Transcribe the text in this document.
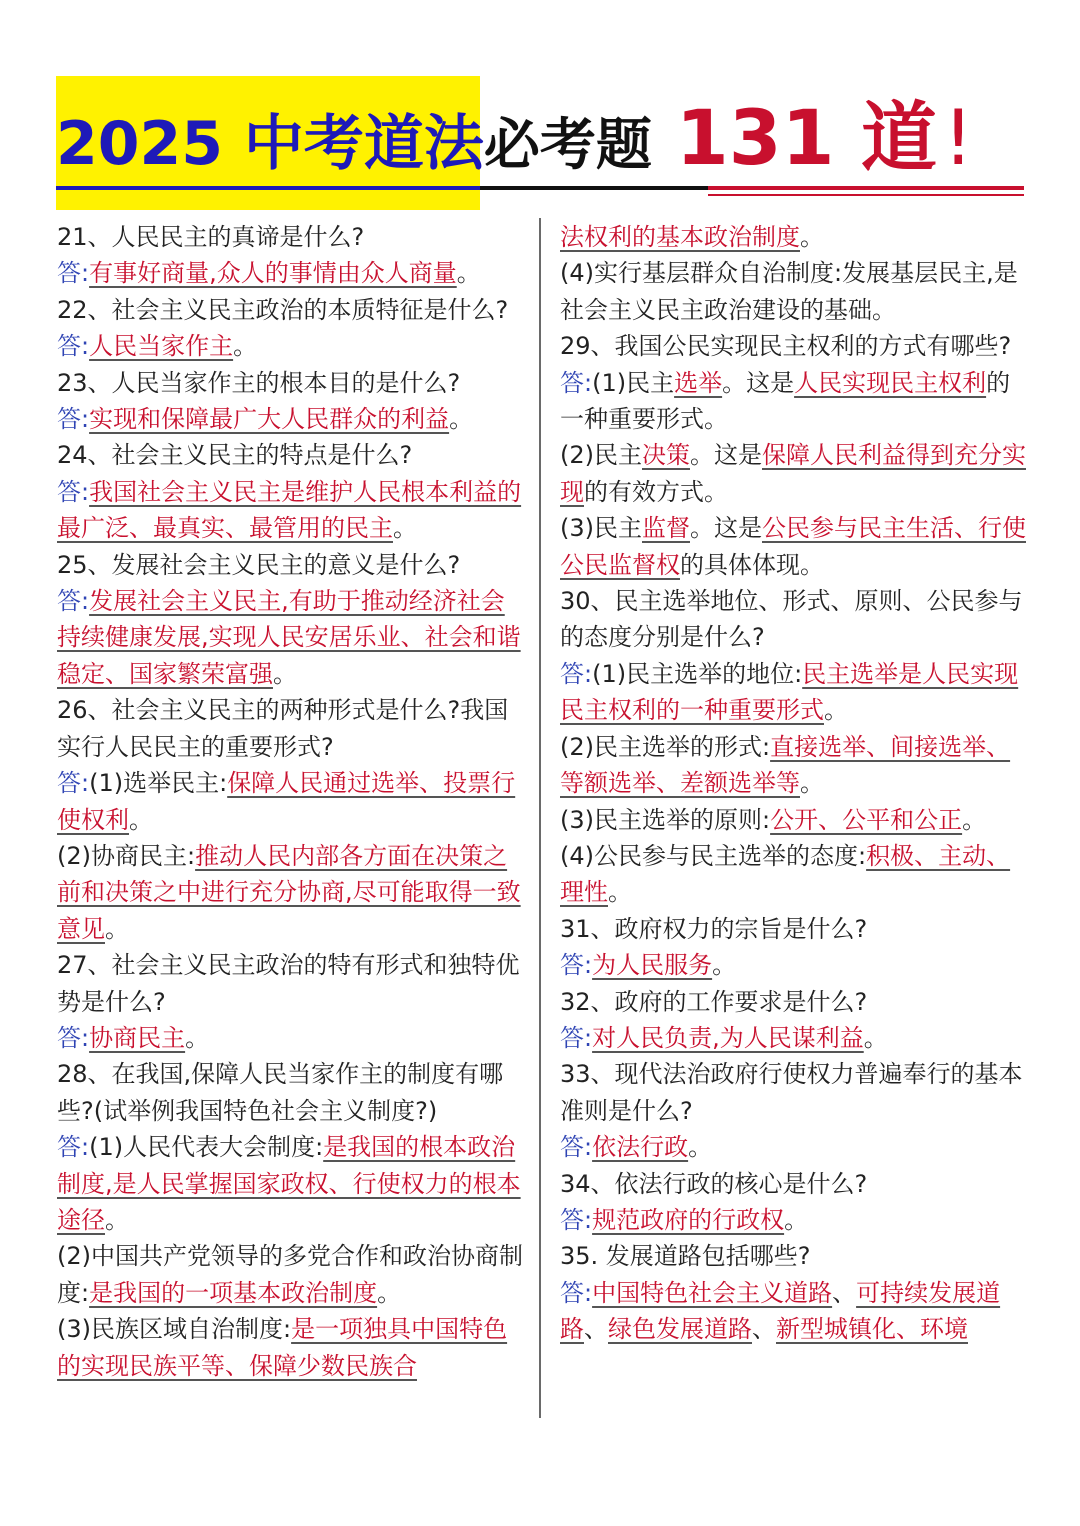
2025 中考道法必考题 131 道!

21、人民民主的真谛是什么?

答:有事好商量,众人的事情由众人商量。

22、社会主义民主政治的本质特征是什么?

答:人民当家作主。

23、人民当家作主的根本目的是什么?

答:实现和保障最广大人民群众的利益。

24、社会主义民主的特点是什么?

答:我国社会主义民主是维护人民根本利益的最广泛、最真实、最管用的民主。

25、发展社会主义民主的意义是什么?

答:发展社会主义民主,有助于推动经济社会持续健康发展,实现人民安居乐业、社会和谐稳定、国家繁荣富强。

26、社会主义民主的两种形式是什么?我国实行人民民主的重要形式?

答:(1)选举民主:保障人民通过选举、投票行使权利。

(2)协商民主:推动人民内部各方面在决策之前和决策之中进行充分协商,尽可能取得一致意见。

27、社会主义民主政治的特有形式和独特优势是什么?

答:协商民主。

28、在我国,保障人民当家作主的制度有哪些?(试举例我国特色社会主义制度?)

答:(1)人民代表大会制度:是我国的根本政治制度,是人民掌握国家政权、行使权力的根本途径。

(2)中国共产党领导的多党合作和政治协商制度:是我国的一项基本政治制度。

(3)民族区域自治制度:是一项独具中国特色的实现民族平等、保障少数民族合

法权利的基本政治制度。

(4)实行基层群众自治制度:发展基层民主,是社会主义民主政治建设的基础。

29、我国公民实现民主权利的方式有哪些?

答:(1)民主选举。这是人民实现民主权利的一种重要形式。

(2)民主决策。这是保障人民利益得到充分实现的有效方式。

(3)民主监督。这是公民参与民主生活、行使公民监督权的具体体现。

30、民主选举地位、形式、原则、公民参与的态度分别是什么?

答:(1)民主选举的地位:民主选举是人民实现民主权利的一种重要形式。

(2)民主选举的形式:直接选举、间接选举、等额选举、差额选举等。

(3)民主选举的原则:公开、公平和公正。

(4)公民参与民主选举的态度:积极、主动、理性。

31、政府权力的宗旨是什么?

答:为人民服务。

32、政府的工作要求是什么?

答:对人民负责,为人民谋利益。

33、现代法治政府行使权力普遍奉行的基本准则是什么?

答:依法行政。

34、依法行政的核心是什么?

答:规范政府的行政权。

35. 发展道路包括哪些?

答:中国特色社会主义道路、可持续发展道路、绿色发展道路、新型城镇化、环境
